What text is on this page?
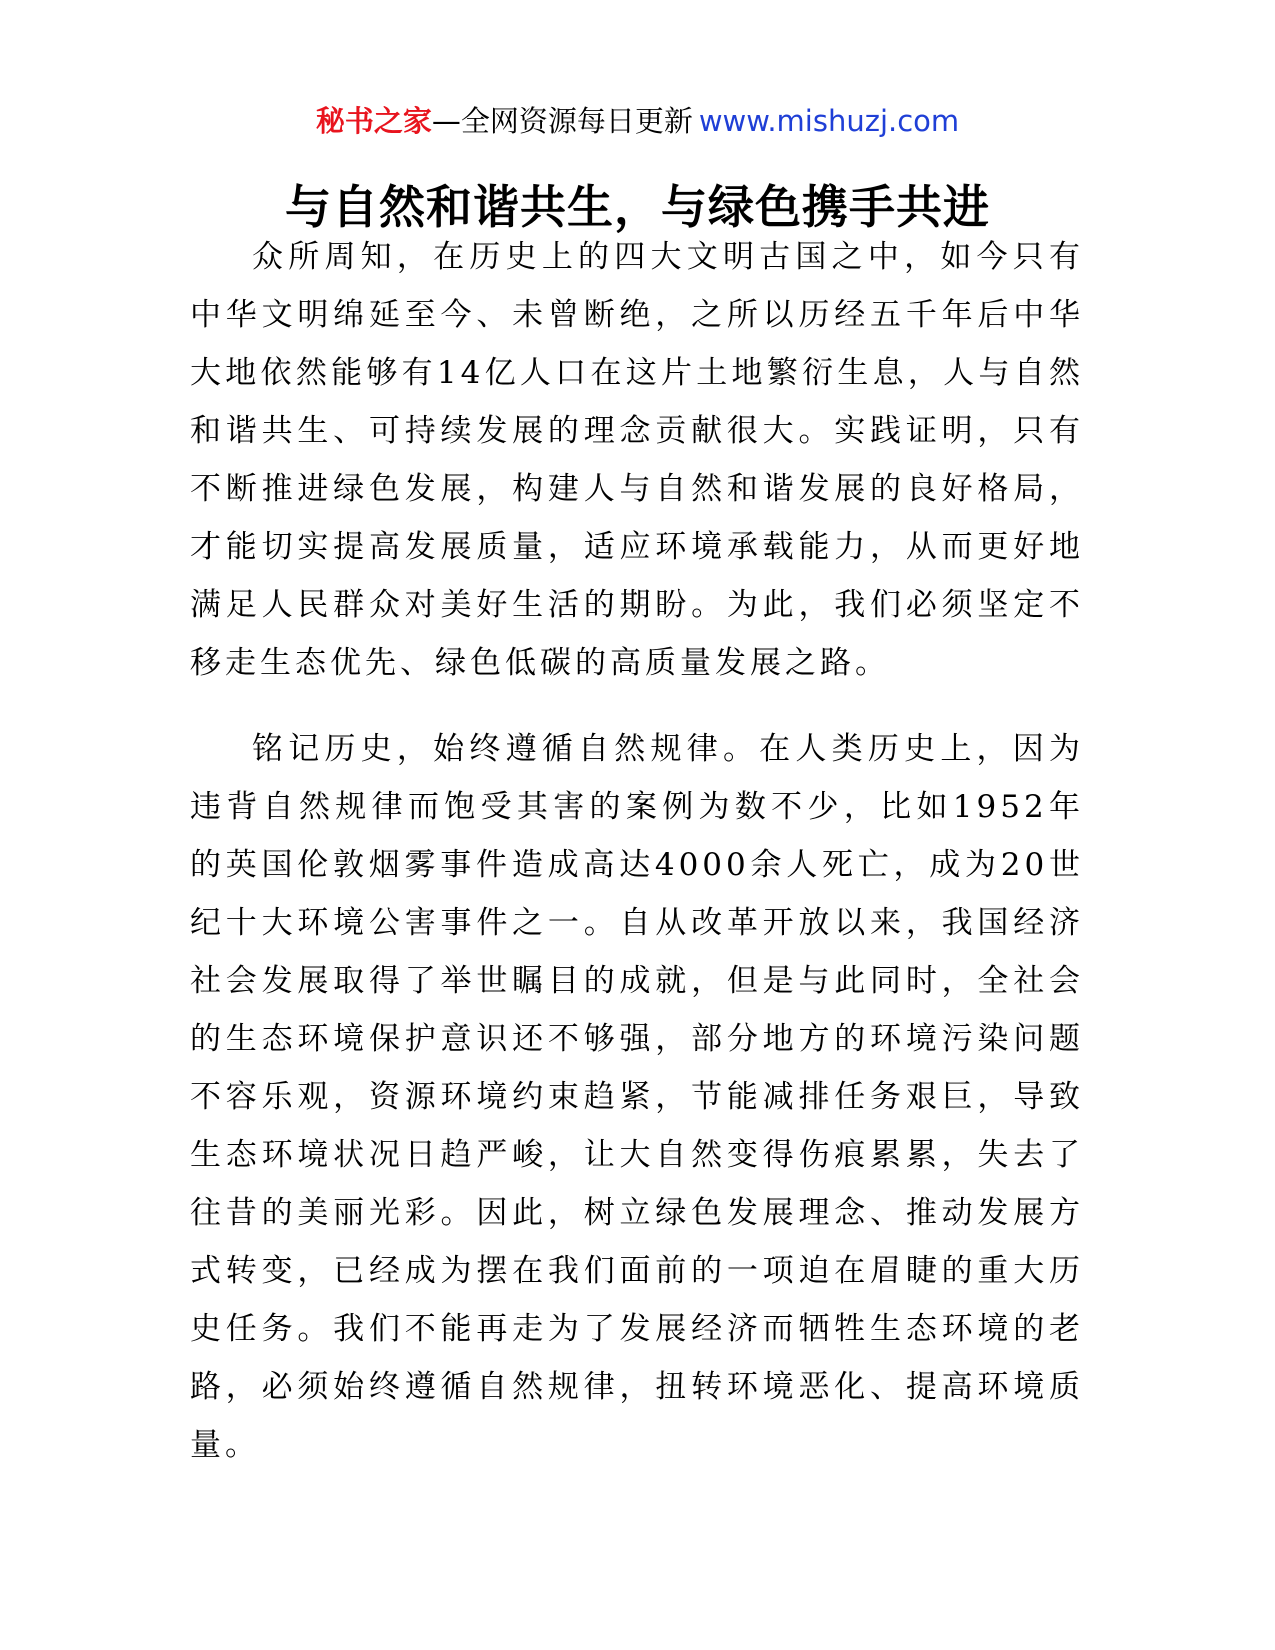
秘书之家—全网资源每日更新 www.mishuzj.com
与自然和谐共生，与绿色携手共进

众所周知，在历史上的四大文明古国之中，如今只有中华文明绵延至今、未曾断绝，之所以历经五千年后中华大地依然能够有14亿人口在这片土地繁衍生息，人与自然和谐共生、可持续发展的理念贡献很大。实践证明，只有不断推进绿色发展，构建人与自然和谐发展的良好格局，才能切实提高发展质量，适应环境承载能力，从而更好地满足人民群众对美好生活的期盼。为此，我们必须坚定不移走生态优先、绿色低碳的高质量发展之路。

铭记历史，始终遵循自然规律。在人类历史上，因为违背自然规律而饱受其害的案例为数不少，比如1952年的英国伦敦烟雾事件造成高达4000余人死亡，成为20世纪十大环境公害事件之一。自从改革开放以来，我国经济社会发展取得了举世瞩目的成就，但是与此同时，全社会的生态环境保护意识还不够强，部分地方的环境污染问题不容乐观，资源环境约束趋紧，节能减排任务艰巨，导致生态环境状况日趋严峻，让大自然变得伤痕累累，失去了往昔的美丽光彩。因此，树立绿色发展理念、推动发展方式转变，已经成为摆在我们面前的一项迫在眉睫的重大历史任务。我们不能再走为了发展经济而牺牲生态环境的老路，必须始终遵循自然规律，扭转环境恶化、提高环境质量。
